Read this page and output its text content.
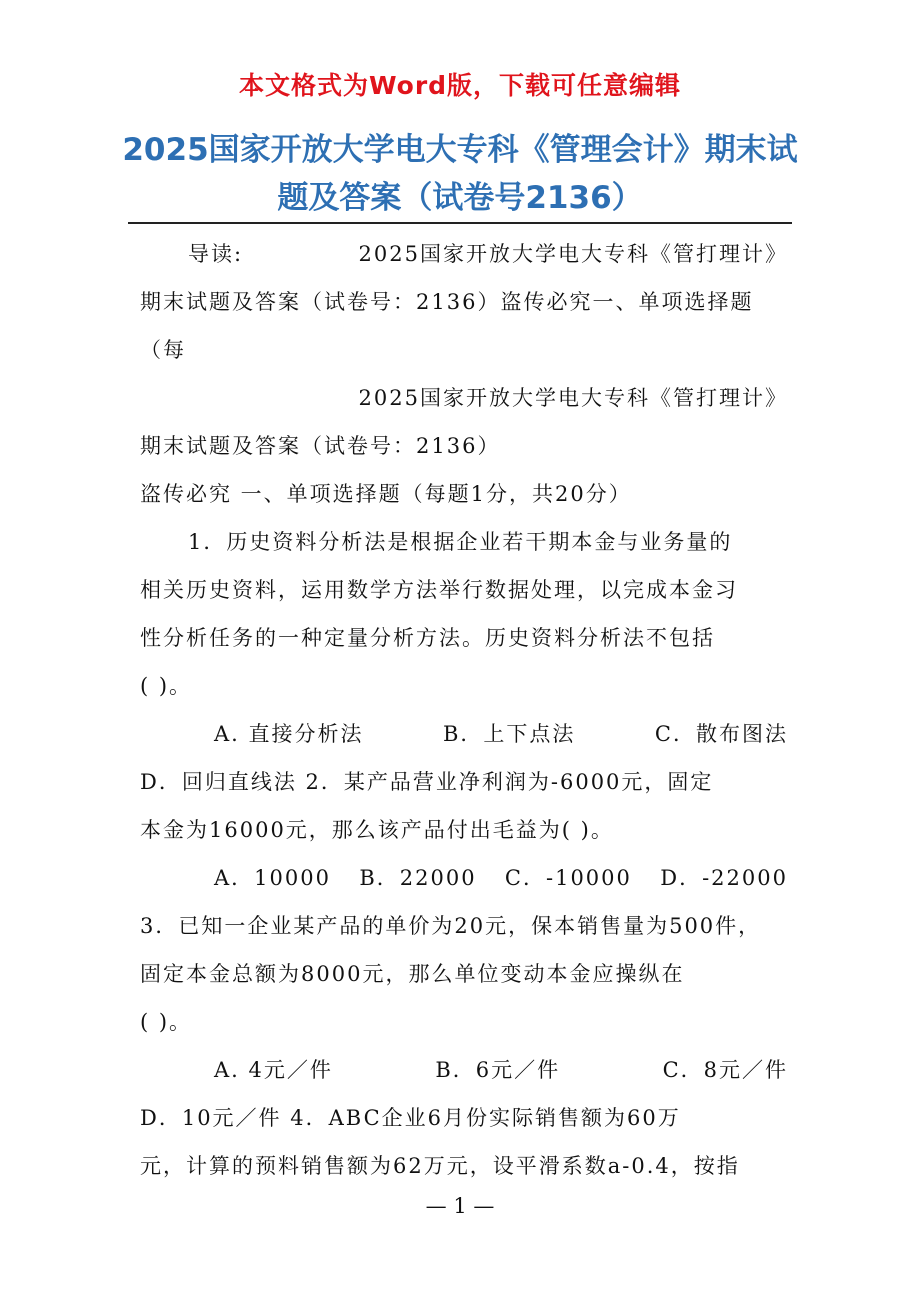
本文格式为Word版，下载可任意编辑
2025国家开放大学电大专科《管理会计》期末试题及答案（试卷号2136）
导读:	2025国家开放大学电大专科《管打理计》
期末试题及答案（试卷号：2136）盗传必究一、单项选择题
（每
2025国家开放大学电大专科《管打理计》
期末试题及答案（试卷号：2136）
盗传必究 一、单项选择题（每题1分，共20分）
1．历史资料分析法是根据企业若干期本金与业务量的
相关历史资料，运用数学方法举行数据处理，以完成本金习
性分析任务的一种定量分析方法。历史资料分析法不包括
( )。
A. 直接分析法	B．上下点法	C．散布图法
D．回归直线法 2．某产品营业净利润为-6000元，固定
本金为16000元，那么该产品付出毛益为( )。
A．10000 B．22000 C．-10000 D．-22000
3．已知一企业某产品的单价为20元，保本销售量为500件，
固定本金总额为8000元，那么单位变动本金应操纵在
( )。
A. 4元／件	B．6元／件	C．8元／件
D．10元／件 4．ABC企业6月份实际销售额为60万
元，计算的预料销售额为62万元，设平滑系数a-0.4，按指
— 1 —
